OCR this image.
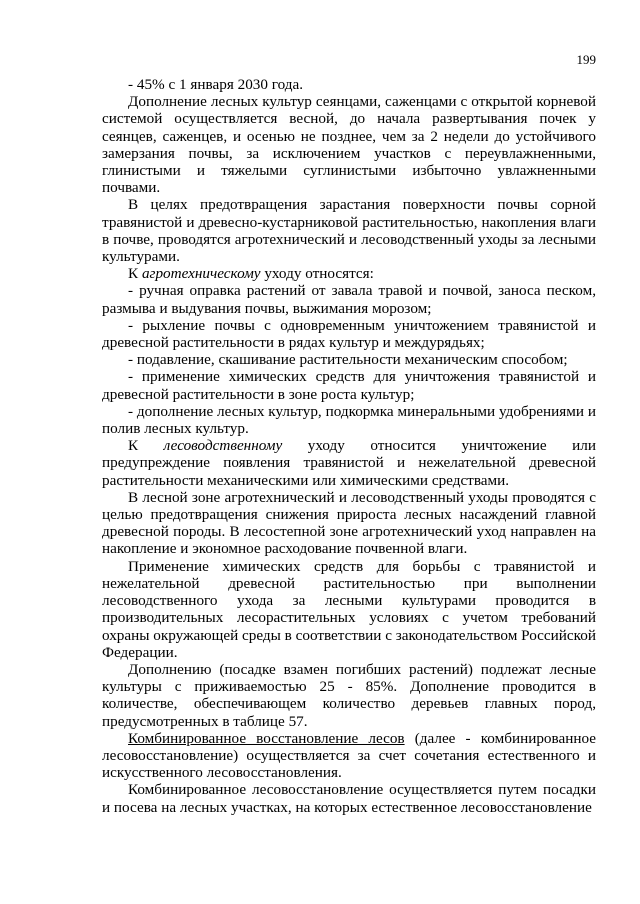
199

- 45% с 1 января 2030 года.

Дополнение лесных культур сеянцами, саженцами с открытой корневой системой осуществляется весной, до начала развертывания почек у сеянцев, саженцев, и осенью не позднее, чем за 2 недели до устойчивого замерзания почвы, за исключением участков с переувлажненными, глинистыми и тяжелыми суглинистыми избыточно увлажненными почвами.

В целях предотвращения зарастания поверхности почвы сорной травянистой и древесно-кустарниковой растительностью, накопления влаги в почве, проводятся агротехнический и лесоводственный уходы за лесными культурами.

К агротехническому уходу относятся:

- ручная оправка растений от завала травой и почвой, заноса песком, размыва и выдувания почвы, выжимания морозом;

- рыхление почвы с одновременным уничтожением травянистой и древесной растительности в рядах культур и междурядьях;

- подавление, скашивание растительности механическим способом;

- применение химических средств для уничтожения травянистой и древесной растительности в зоне роста культур;

- дополнение лесных культур, подкормка минеральными удобрениями и полив лесных культур.

К лесоводственному уходу относится уничтожение или предупреждение появления травянистой и нежелательной древесной растительности механическими или химическими средствами.

В лесной зоне агротехнический и лесоводственный уходы проводятся с целью предотвращения снижения прироста лесных насаждений главной древесной породы. В лесостепной зоне агротехнический уход направлен на накопление и экономное расходование почвенной влаги.

Применение химических средств для борьбы с травянистой и нежелательной древесной растительностью при выполнении лесоводственного ухода за лесными культурами проводится в производительных лесорастительных условиях с учетом требований охраны окружающей среды в соответствии с законодательством Российской Федерации.

Дополнению (посадке взамен погибших растений) подлежат лесные культуры с приживаемостью 25 - 85%. Дополнение проводится в количестве, обеспечивающем количество деревьев главных пород, предусмотренных в таблице 57.

Комбинированное восстановление лесов (далее - комбинированное лесовосстановление) осуществляется за счет сочетания естественного и искусственного лесовосстановления.

Комбинированное лесовосстановление осуществляется путем посадки и посева на лесных участках, на которых естественное лесовосстановление
